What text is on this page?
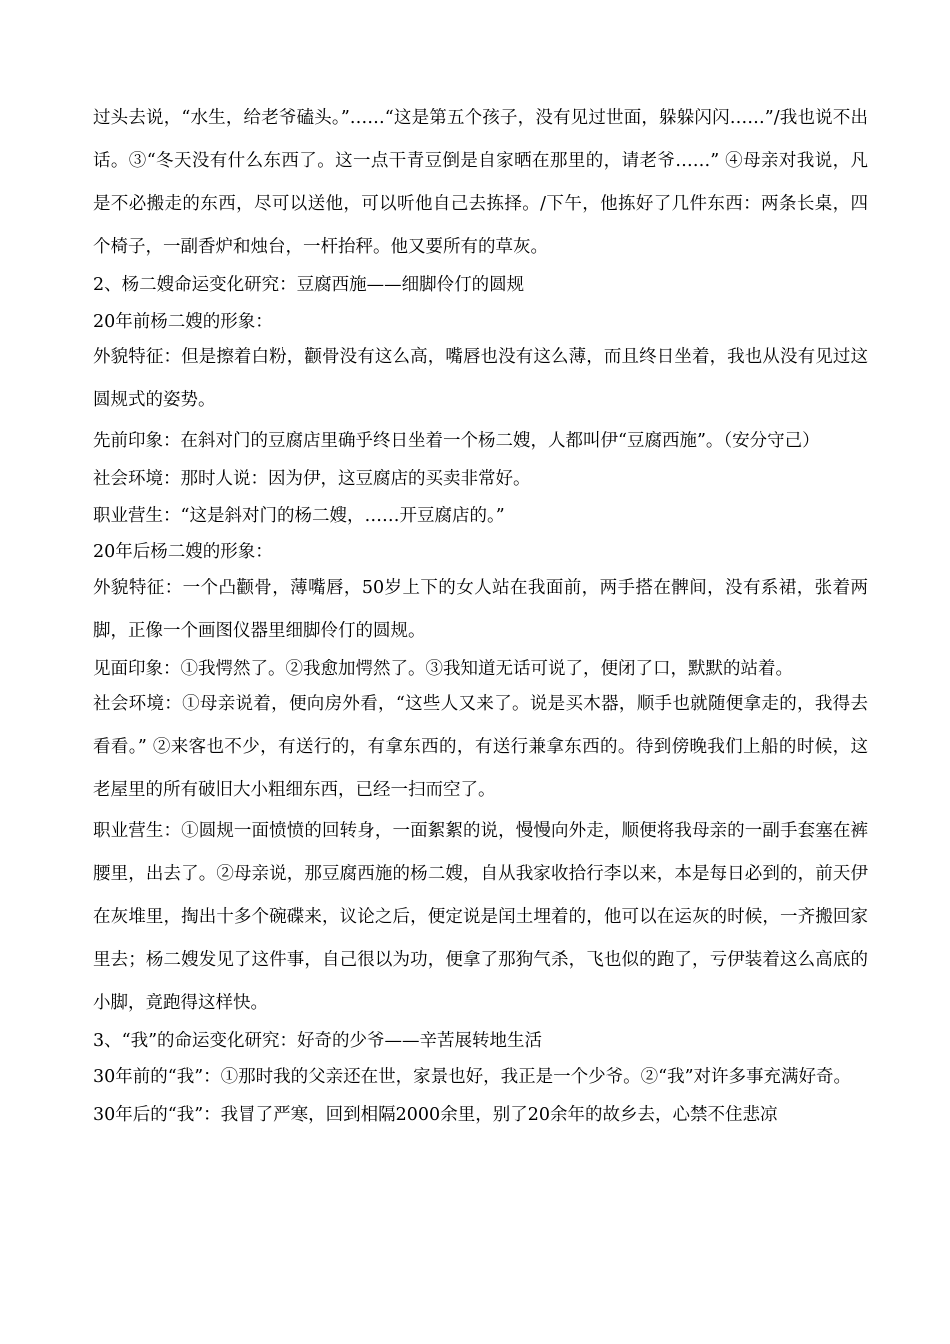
过头去说，“水生，给老爷磕头。”……“这是第五个孩子，没有见过世面，躲躲闪闪……”/我也说不出话。③“冬天没有什么东西了。这一点干青豆倒是自家晒在那里的，请老爷……” ④母亲对我说，凡是不必搬走的东西，尽可以送他，可以听他自己去拣择。/下午，他拣好了几件东西：两条长桌，四个椅子，一副香炉和烛台，一杆抬秤。他又要所有的草灰。

2、杨二嫂命运变化研究：豆腐西施——细脚伶仃的圆规

20年前杨二嫂的形象：

外貌特征：但是擦着白粉，颧骨没有这么高，嘴唇也没有这么薄，而且终日坐着，我也从没有见过这圆规式的姿势。

先前印象：在斜对门的豆腐店里确乎终日坐着一个杨二嫂，人都叫伊“豆腐西施”。（安分守己）

社会环境：那时人说：因为伊，这豆腐店的买卖非常好。

职业营生：“这是斜对门的杨二嫂，……开豆腐店的。”

20年后杨二嫂的形象：

外貌特征：一个凸颧骨，薄嘴唇，50岁上下的女人站在我面前，两手搭在髀间，没有系裙，张着两脚，正像一个画图仪器里细脚伶仃的圆规。

见面印象：①我愕然了。②我愈加愕然了。③我知道无话可说了，便闭了口，默默的站着。

社会环境：①母亲说着，便向房外看，“这些人又来了。说是买木器，顺手也就随便拿走的，我得去看看。” ②来客也不少，有送行的，有拿东西的，有送行兼拿东西的。待到傍晚我们上船的时候，这老屋里的所有破旧大小粗细东西，已经一扫而空了。

职业营生：①圆规一面愤愤的回转身，一面絮絮的说，慢慢向外走，顺便将我母亲的一副手套塞在裤腰里，出去了。②母亲说，那豆腐西施的杨二嫂，自从我家收拾行李以来，本是每日必到的，前天伊在灰堆里，掏出十多个碗碟来，议论之后，便定说是闰土埋着的，他可以在运灰的时候，一齐搬回家里去；杨二嫂发见了这件事，自己很以为功，便拿了那狗气杀，飞也似的跑了，亏伊装着这么高底的小脚，竟跑得这样快。

3、“我”的命运变化研究：好奇的少爷——辛苦展转地生活

30年前的“我”：①那时我的父亲还在世，家景也好，我正是一个少爷。②“我”对许多事充满好奇。

30年后的“我”：我冒了严寒，回到相隔2000余里，别了20余年的故乡去，心禁不住悲凉
